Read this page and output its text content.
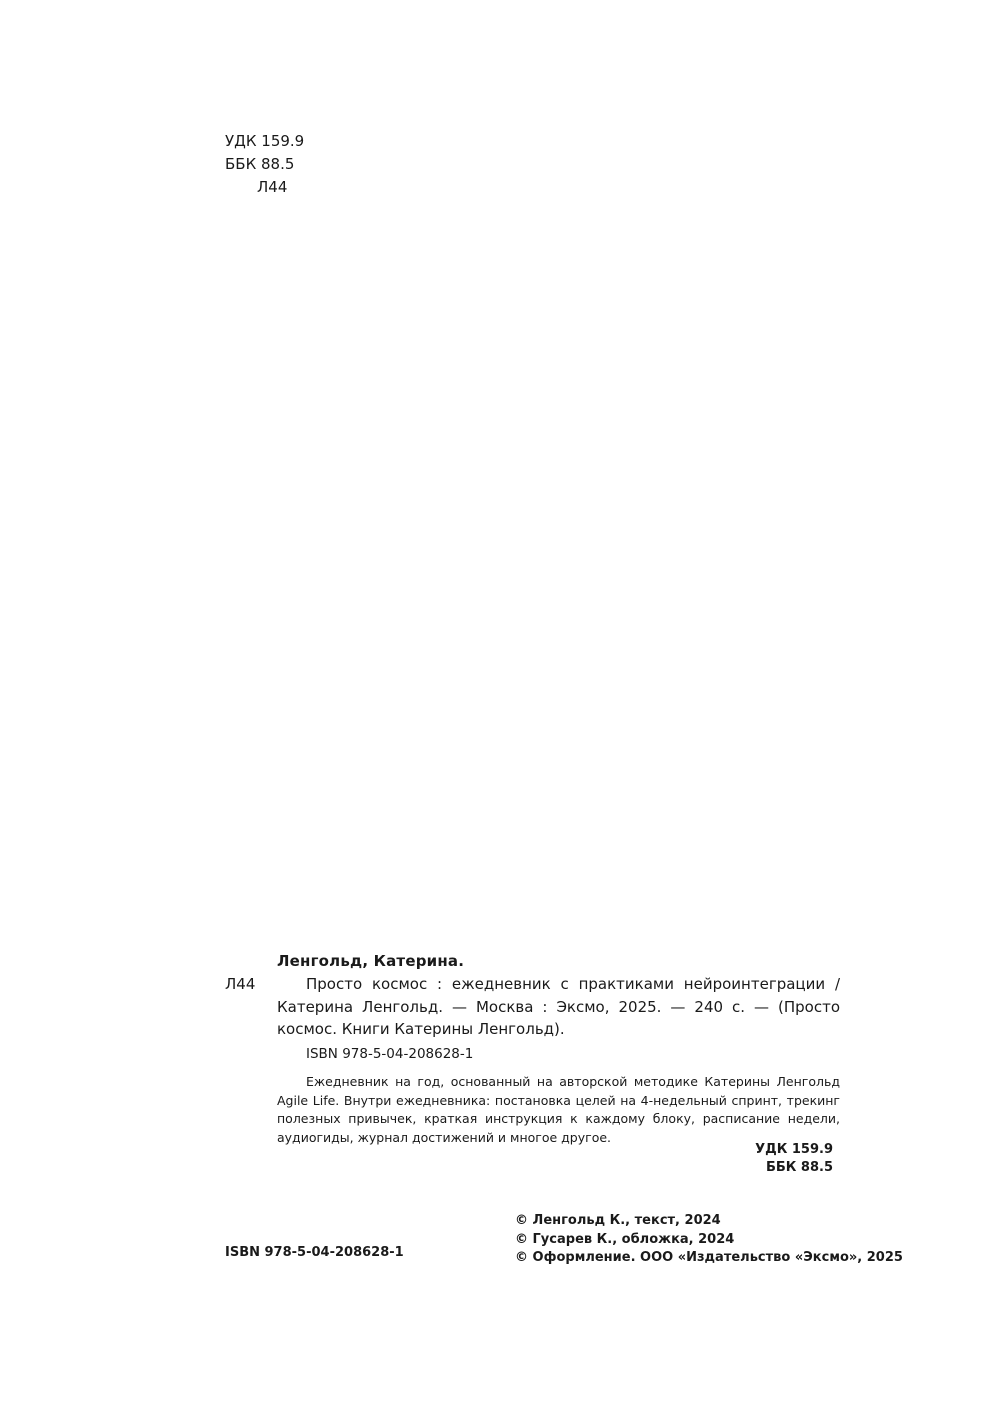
УДК 159.9
ББК 88.5
Л44
Ленгольд, Катерина.
Л44	Просто космос : ежедневник с практиками нейроинтеграции / Катерина Ленгольд. — Москва : Эксмо, 2025. — 240 с. — (Просто космос. Книги Катерины Ленгольд).
ISBN 978-5-04-208628-1
Ежедневник на год, основанный на авторской методике Катерины Ленгольд Agile Life. Внутри ежедневника: постановка целей на 4-недельный спринт, трекинг полезных привычек, краткая инструкция к каждому блоку, расписание недели, аудиогиды, журнал достижений и многое другое.
УДК 159.9
ББК 88.5
© Ленгольд К., текст, 2024
© Гусарев К., обложка, 2024
© Оформление. ООО «Издательство «Эксмо», 2025
ISBN 978-5-04-208628-1
